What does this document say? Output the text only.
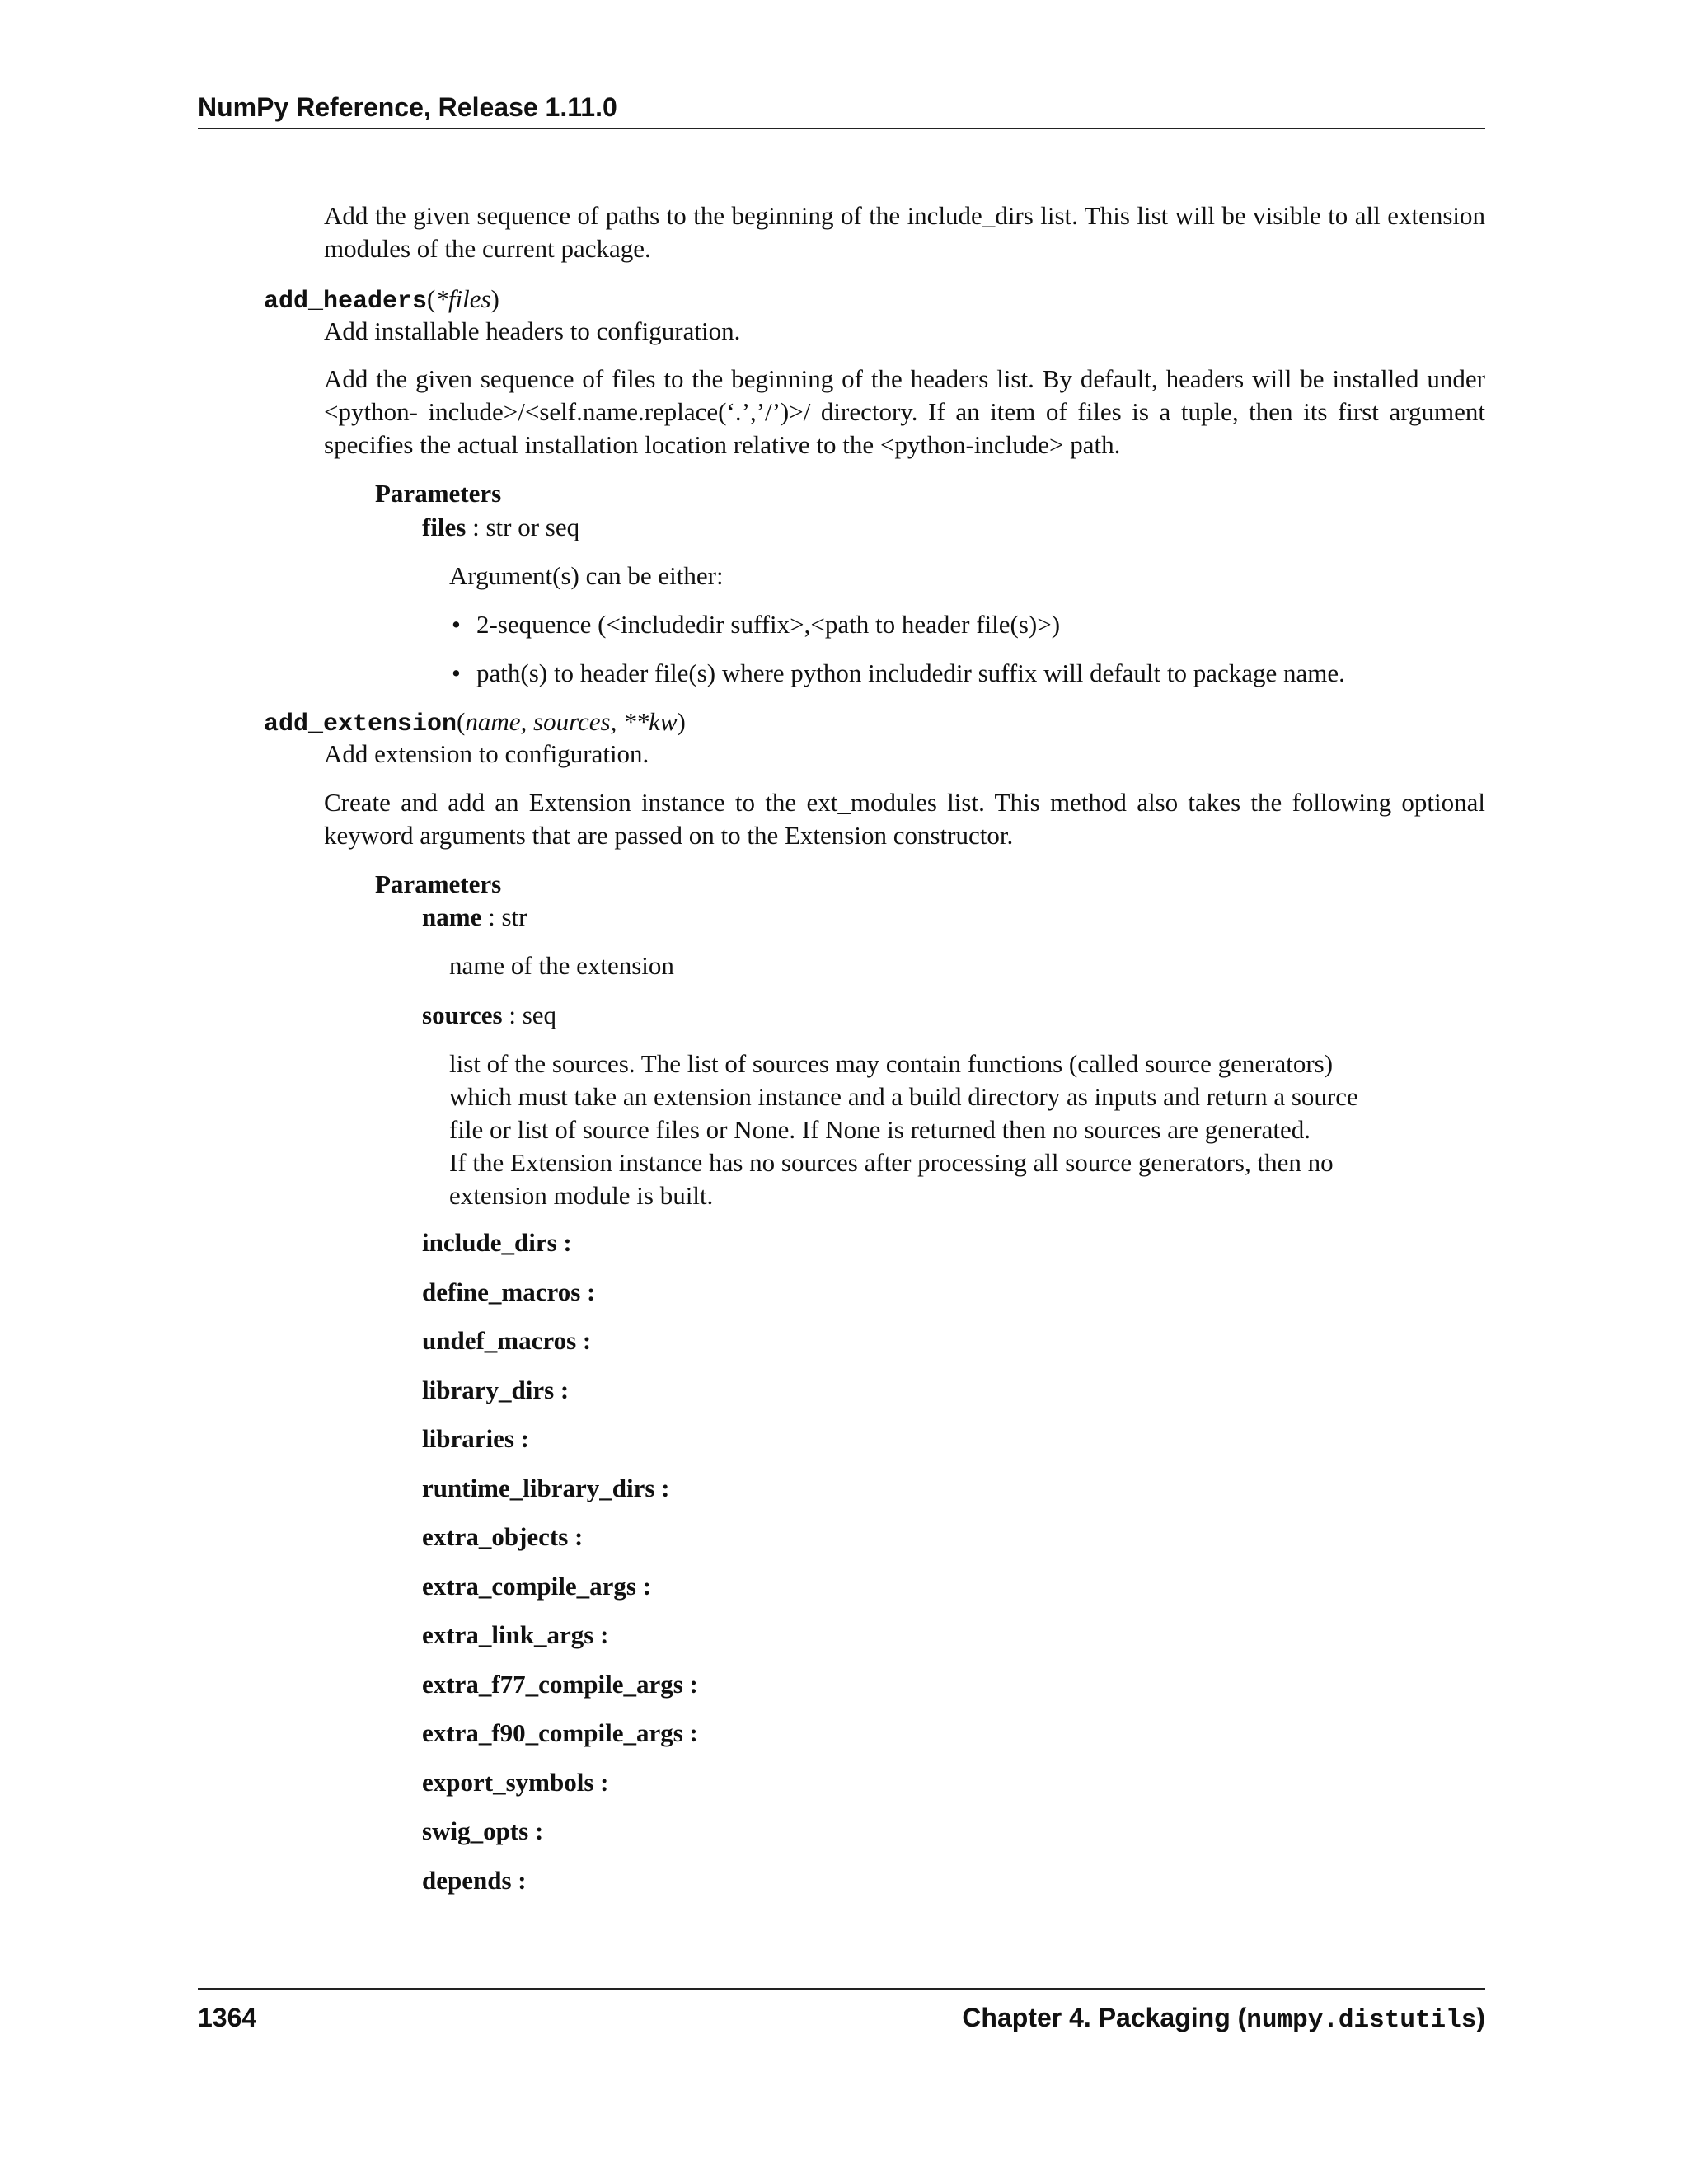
NumPy Reference, Release 1.11.0

Add the given sequence of paths to the beginning of the include_dirs list. This list will be visible to all extension modules of the current package.

add_headers(*files)
Add installable headers to configuration.

Add the given sequence of files to the beginning of the headers list. By default, headers will be installed under <python- include>/<self.name.replace(‘.’,’/’)>/ directory. If an item of files is a tuple, then its first argument specifies the actual installation location relative to the <python-include> path.

Parameters
files : str or seq
Argument(s) can be either:
• 2-sequence (<includedir suffix>,<path to header file(s)>)
• path(s) to header file(s) where python includedir suffix will default to package name.
add_extension(name, sources, **kw)
Add extension to configuration.

Create and add an Extension instance to the ext_modules list. This method also takes the following optional keyword arguments that are passed on to the Extension constructor.

Parameters
name : str
name of the extension
sources : seq
list of the sources. The list of sources may contain functions (called source generators)
which must take an extension instance and a build directory as inputs and return a source
file or list of source files or None. If None is returned then no sources are generated.
If the Extension instance has no sources after processing all source generators, then no
extension module is built.
include_dirs :
define_macros :
undef_macros :
library_dirs :
libraries :
runtime_library_dirs :
extra_objects :
extra_compile_args :
extra_link_args :
extra_f77_compile_args :
extra_f90_compile_args :
export_symbols :
swig_opts :
depends :
1364	Chapter 4. Packaging (numpy.distutils)
